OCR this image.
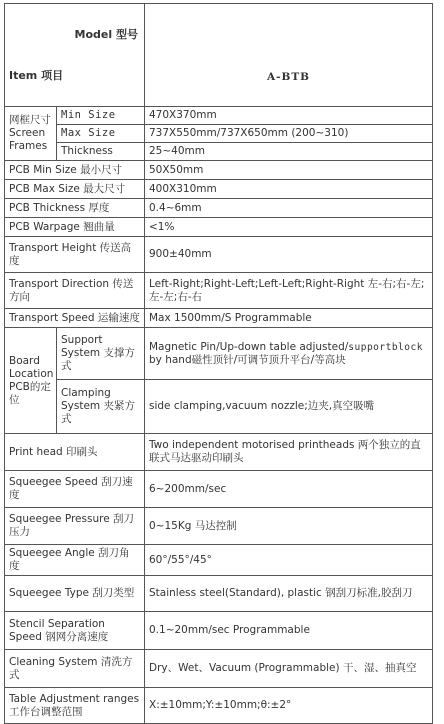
Model 型号
Item 项目		A-BTB

网框尺寸 Screen Frames	Min Size	470X370mm
	Max Size	737X550mm/737X650mm (200~310)
	Thickness	25~40mm
PCB Min Size 最小尺寸		50X50mm
PCB Max Size 最大尺寸		400X310mm
PCB Thickness 厚度		0.4~6mm
PCB Warpage 翘曲量		<1%
Transport Height 传送高度		900±40mm
Transport Direction 传送方向		Left-Right;Right-Left;Left-Left;Right-Right 左-右;右-左;左-左;右-右
Transport Speed 运输速度		Max 1500mm/S Programmable
Board Location PCB的定位	Support System 支撑方式	Magnetic Pin/Up-down table adjusted/supportblock
by hand磁性顶针/可调节顶升平台/等高块
	Clamping System 夹紧方式	side clamping,vacuum nozzle;边夹,真空吸嘴
Print head 印刷头		Two independent motorised printheads 两个独立的直联式马达驱动印刷头
Squeegee Speed 刮刀速度		6~200mm/sec
Squeegee Pressure 刮刀压力		0~15Kg 马达控制
Squeegee Angle 刮刀角度		60°/55°/45°
Squeegee Type 刮刀类型		Stainless steel(Standard), plastic 钢刮刀标准,胶刮刀
Stencil Separation Speed 钢网分离速度		0.1~20mm/sec Programmable
Cleaning System 清洗方式		Dry、Wet、Vacuum (Programmable) 干、湿、抽真空
Table Adjustment ranges 工作台调整范围		X:±10mm;Y:±10mm;θ:±2°
